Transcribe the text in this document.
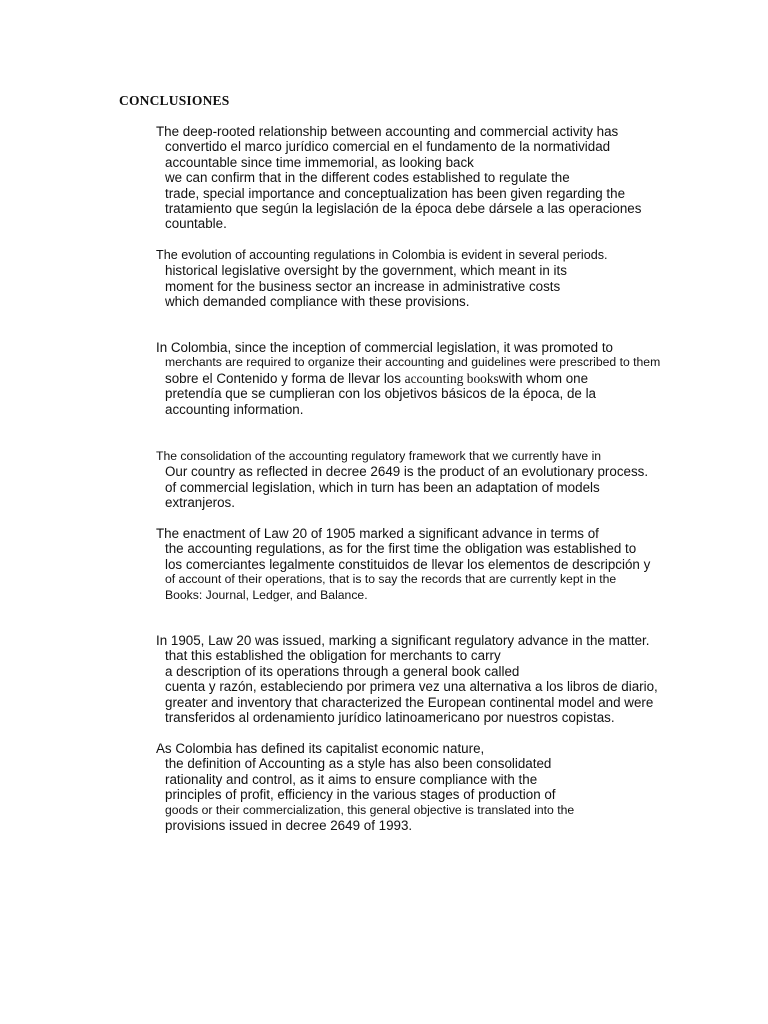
CONCLUSIONES
The deep-rooted relationship between accounting and commercial activity has
convertido el marco jurídico comercial en el fundamento de la normatividad
accountable since time immemorial, as looking back
we can confirm that in the different codes established to regulate the
trade, special importance and conceptualization has been given regarding the
tratamiento que según la legislación de la época debe dársele a las operaciones
countable.
The evolution of accounting regulations in Colombia is evident in several periods.
historical legislative oversight by the government, which meant in its
moment for the business sector an increase in administrative costs
which demanded compliance with these provisions.
In Colombia, since the inception of commercial legislation, it was promoted to
merchants are required to organize their accounting and guidelines were prescribed to them
sobre el Contenido y forma de llevar los accounting bookswith whom one
pretendía que se cumplieran con los objetivos básicos de la época, de la
accounting information.
The consolidation of the accounting regulatory framework that we currently have in
Our country as reflected in decree 2649 is the product of an evolutionary process.
of commercial legislation, which in turn has been an adaptation of models
extranjeros.
The enactment of Law 20 of 1905 marked a significant advance in terms of
the accounting regulations, as for the first time the obligation was established to
los comerciantes legalmente constituidos de llevar los elementos de descripción y
of account of their operations, that is to say the records that are currently kept in the
Books: Journal, Ledger, and Balance.
In 1905, Law 20 was issued, marking a significant regulatory advance in the matter.
that this established the obligation for merchants to carry
a description of its operations through a general book called
cuenta y razón, estableciendo por primera vez una alternativa a los libros de diario,
greater and inventory that characterized the European continental model and were
transferidos al ordenamiento jurídico latinoamericano por nuestros copistas.
As Colombia has defined its capitalist economic nature,
the definition of Accounting as a style has also been consolidated
rationality and control, as it aims to ensure compliance with the
principles of profit, efficiency in the various stages of production of
goods or their commercialization, this general objective is translated into the
provisions issued in decree 2649 of 1993.
